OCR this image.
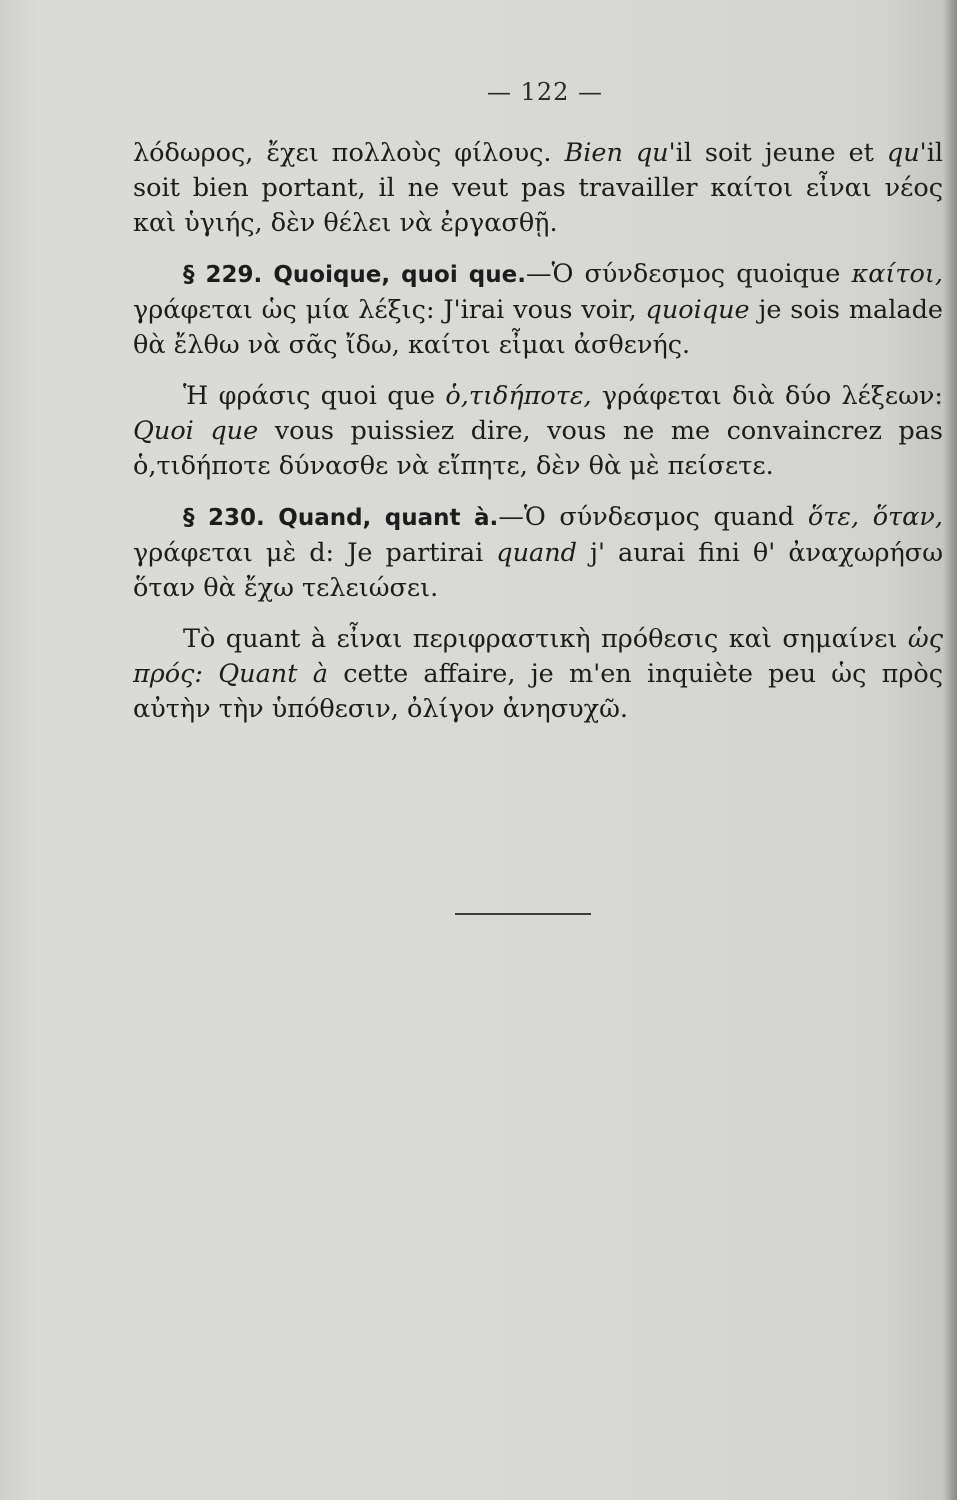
— 122 —

λόδωρος, ἔχει πολλοὺς φίλους. Bien qu'il soit jeune et qu'il soit bien portant, il ne veut pas travailler καίτοι εἶναι νέος καὶ ὑγιής, δὲν θέλει νὰ ἐργασθῇ.

§ 229. Quoique, quoi que.—Ὁ σύνδεσμος quoique καίτοι, γράφεται ὡς μία λέξις: J'irai vous voir, quoique je sois malade θὰ ἔλθω νὰ σᾶς ἴδω, καίτοι εἶμαι ἀσθενής.

Ἡ φράσις quoi que ὁ,τιδήποτε, γράφεται διὰ δύο λέξεων: Quoi que vous puissiez dire, vous ne me convaincrez pas ὁ,τιδήποτε δύνασθε νὰ εἴπητε, δὲν θὰ μὲ πείσετε.

§ 230. Quand, quant à.—Ὁ σύνδεσμος quand ὅτε, ὅταν, γράφεται μὲ d: Je partirai quand j' aurai fini θ' ἀναχωρήσω ὅταν θὰ ἔχω τελειώσει.

Τὸ quant à εἶναι περιφραστικὴ πρόθεσις καὶ σημαίνει ὡς πρός: Quant à cette affaire, je m'en inquiète peu ὡς πρὸς αὐτὴν τὴν ὑπόθεσιν, ὀλίγον ἀνησυχῶ.
